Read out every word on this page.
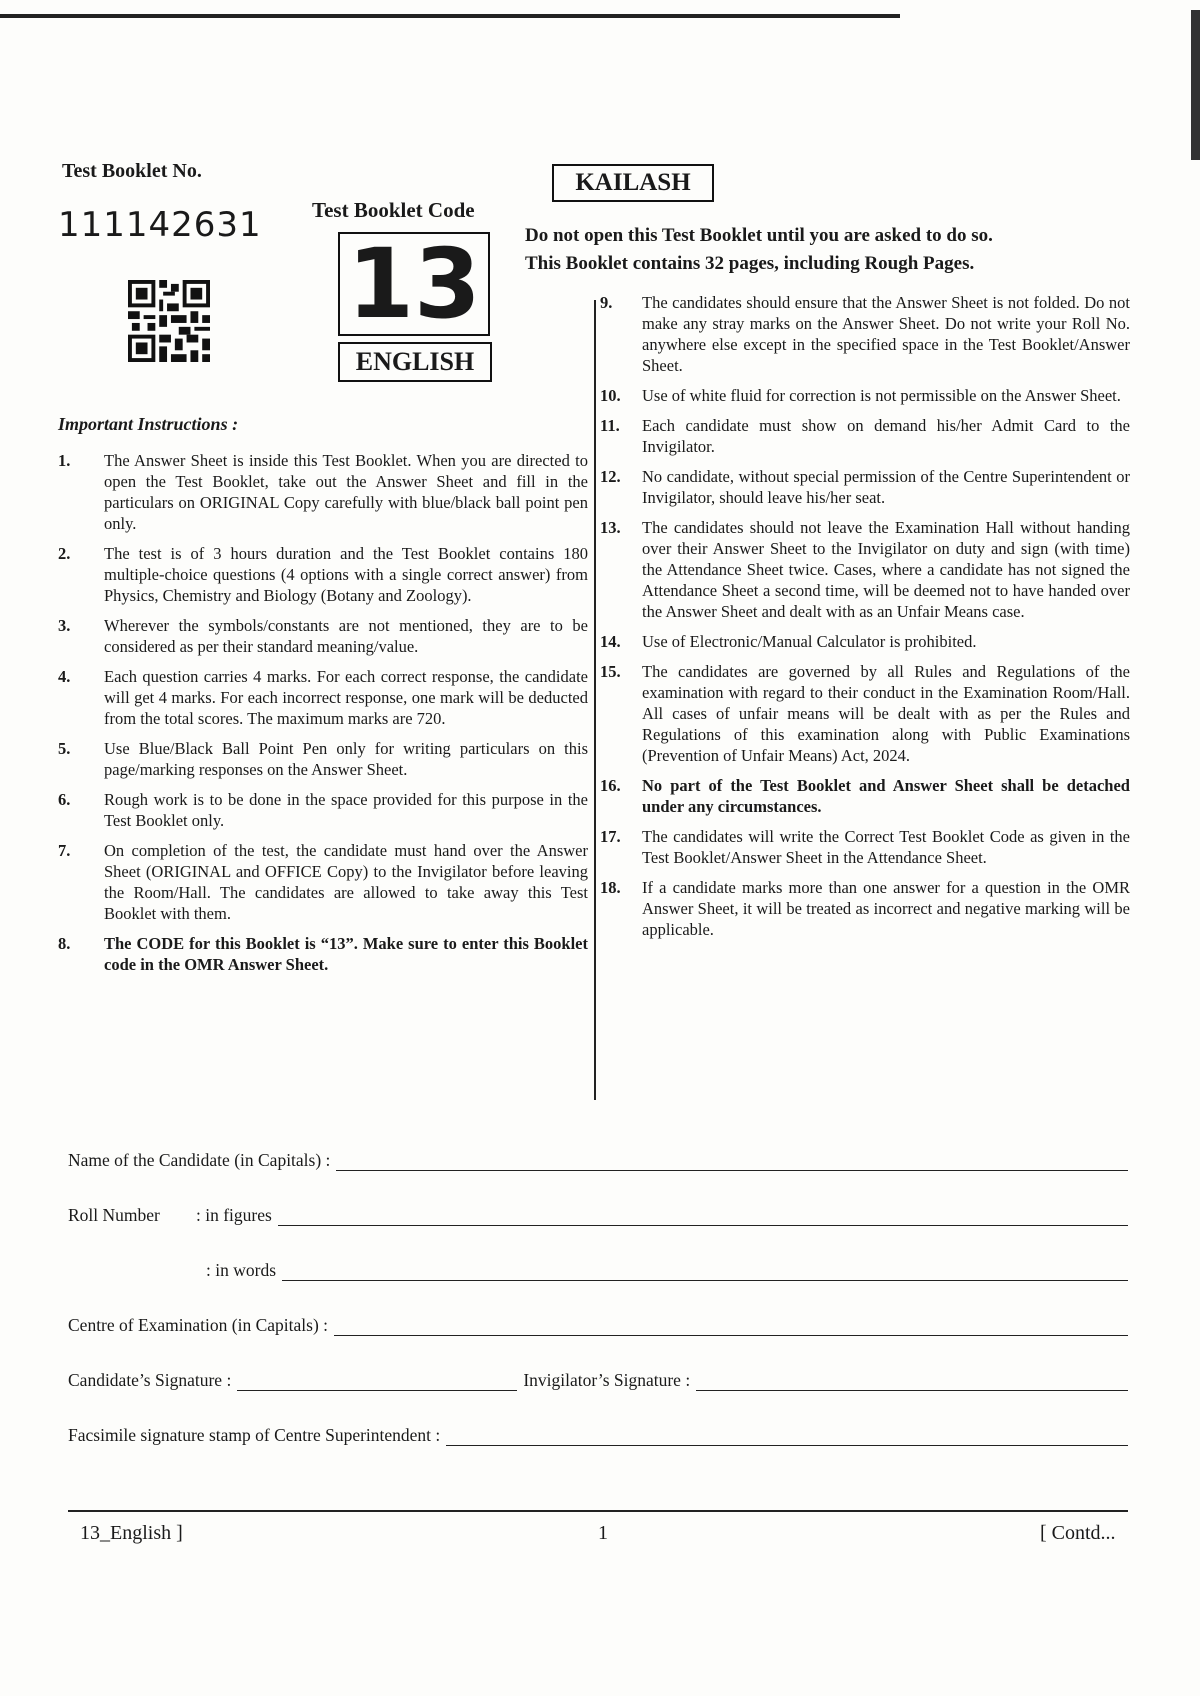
Test Booklet No.
111142631 Test Booklet Code
13
ENGLISH
KAILASH
Do not open this Test Booklet until you are asked to do so.
This Booklet contains 32 pages, including Rough Pages.
Important Instructions :
1.	The Answer Sheet is inside this Test Booklet. When you are directed to open the Test Booklet, take out the Answer Sheet and fill in the particulars on ORIGINAL Copy carefully with blue/black ball point pen only.
2.	The test is of 3 hours duration and the Test Booklet contains 180 multiple-choice questions (4 options with a single correct answer) from Physics, Chemistry and Biology (Botany and Zoology).
3.	Wherever the symbols/constants are not mentioned, they are to be considered as per their standard meaning/value.
4.	Each question carries 4 marks. For each correct response, the candidate will get 4 marks. For each incorrect response, one mark will be deducted from the total scores. The maximum marks are 720.
5.	Use Blue/Black Ball Point Pen only for writing particulars on this page/marking responses on the Answer Sheet.
6.	Rough work is to be done in the space provided for this purpose in the Test Booklet only.
7.	On completion of the test, the candidate must hand over the Answer Sheet (ORIGINAL and OFFICE Copy) to the Invigilator before leaving the Room/Hall. The candidates are allowed to take away this Test Booklet with them.
8.	The CODE for this Booklet is “13”. Make sure to enter this Booklet code in the OMR Answer Sheet.
9.	The candidates should ensure that the Answer Sheet is not folded. Do not make any stray marks on the Answer Sheet. Do not write your Roll No. anywhere else except in the specified space in the Test Booklet/Answer Sheet.
10.	Use of white fluid for correction is not permissible on the Answer Sheet.
11.	Each candidate must show on demand his/her Admit Card to the Invigilator.
12.	No candidate, without special permission of the Centre Superintendent or Invigilator, should leave his/her seat.
13.	The candidates should not leave the Examination Hall without handing over their Answer Sheet to the Invigilator on duty and sign (with time) the Attendance Sheet twice. Cases, where a candidate has not signed the Attendance Sheet a second time, will be deemed not to have handed over the Answer Sheet and dealt with as an Unfair Means case.
14.	Use of Electronic/Manual Calculator is prohibited.
15.	The candidates are governed by all Rules and Regulations of the examination with regard to their conduct in the Examination Room/Hall. All cases of unfair means will be dealt with as per the Rules and Regulations of this examination along with Public Examinations (Prevention of Unfair Means) Act, 2024.
16.	No part of the Test Booklet and Answer Sheet shall be detached under any circumstances.
17.	The candidates will write the Correct Test Booklet Code as given in the Test Booklet/Answer Sheet in the Attendance Sheet.
18.	If a candidate marks more than one answer for a question in the OMR Answer Sheet, it will be treated as incorrect and negative marking will be applicable.
Name of the Candidate (in Capitals) :
Roll Number	: in figures
: in words
Centre of Examination (in Capitals) :
Candidate’s Signature :	Invigilator’s Signature :
Facsimile signature stamp of Centre Superintendent :
13_English ]	1	[ Contd...
